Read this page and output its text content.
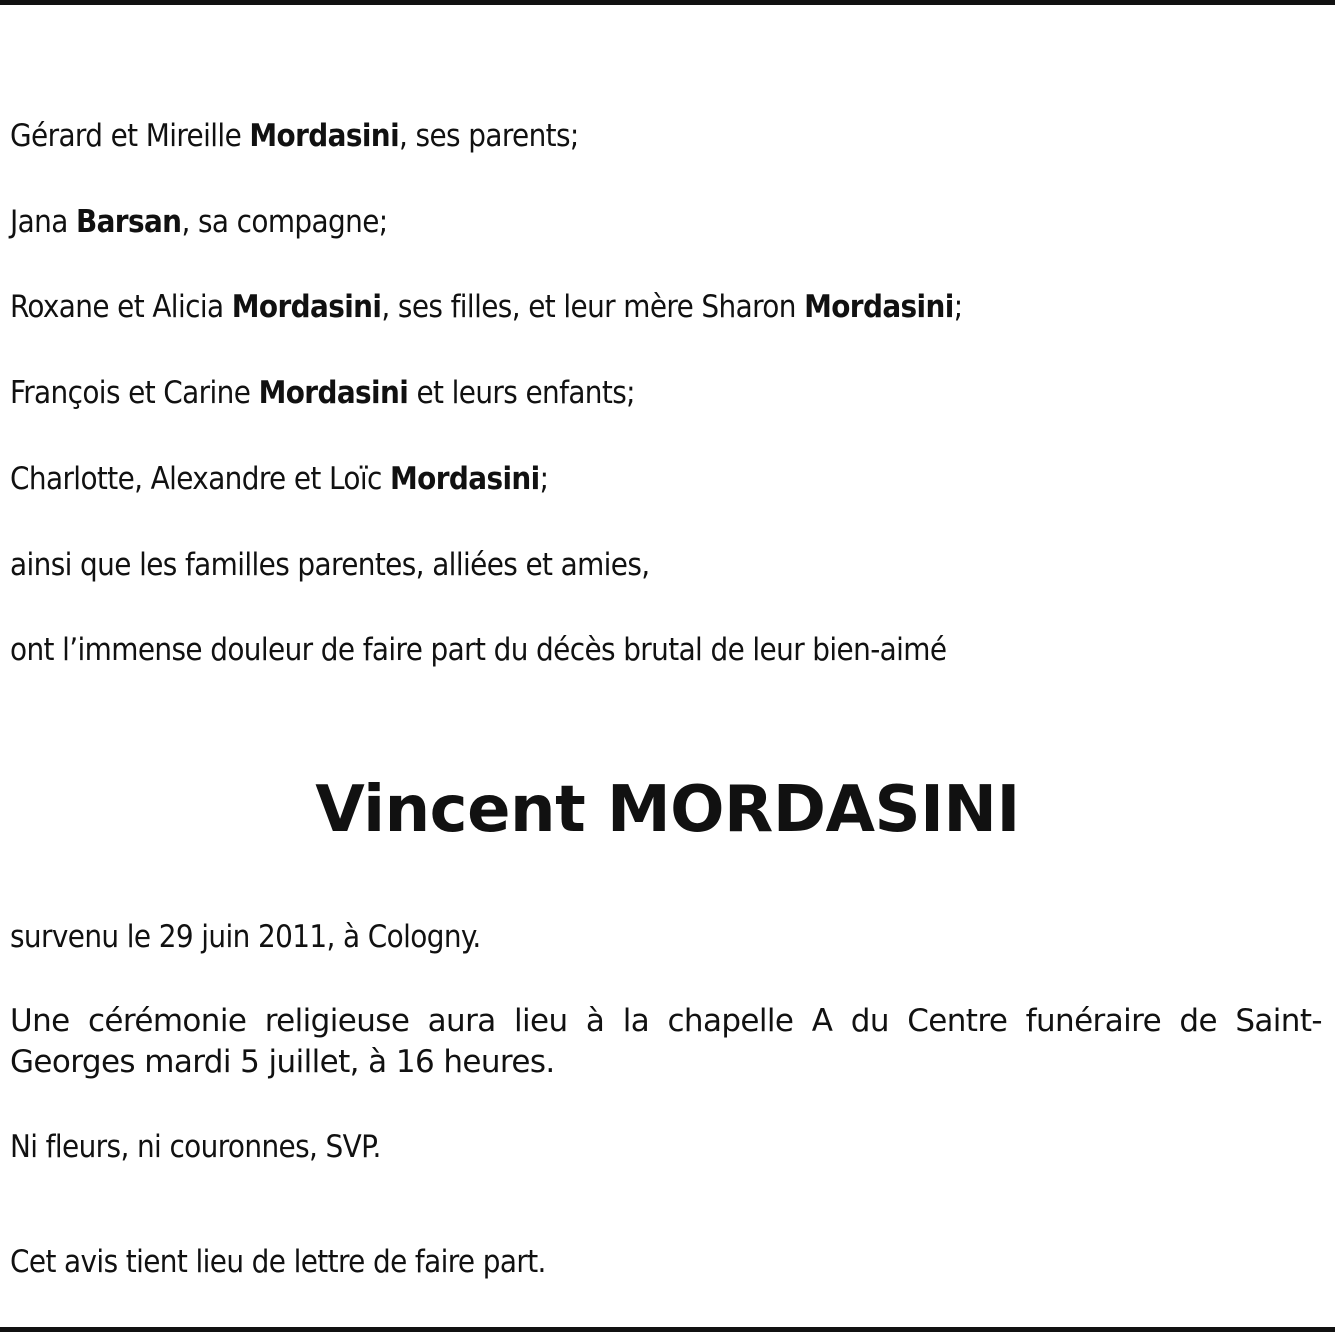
Gérard et Mireille Mordasini, ses parents;
Jana Barsan, sa compagne;
Roxane et Alicia Mordasini, ses filles, et leur mère Sharon Mordasini;
François et Carine Mordasini et leurs enfants;
Charlotte, Alexandre et Loïc Mordasini;
ainsi que les familles parentes, alliées et amies,
ont l’immense douleur de faire part du décès brutal de leur bien-aimé
Vincent MORDASINI
survenu le 29 juin 2011, à Cologny.
Une cérémonie religieuse aura lieu à la chapelle A du Centre funéraire de Saint-Georges mardi 5 juillet, à 16 heures.
Ni fleurs, ni couronnes, SVP.
Cet avis tient lieu de lettre de faire part.
